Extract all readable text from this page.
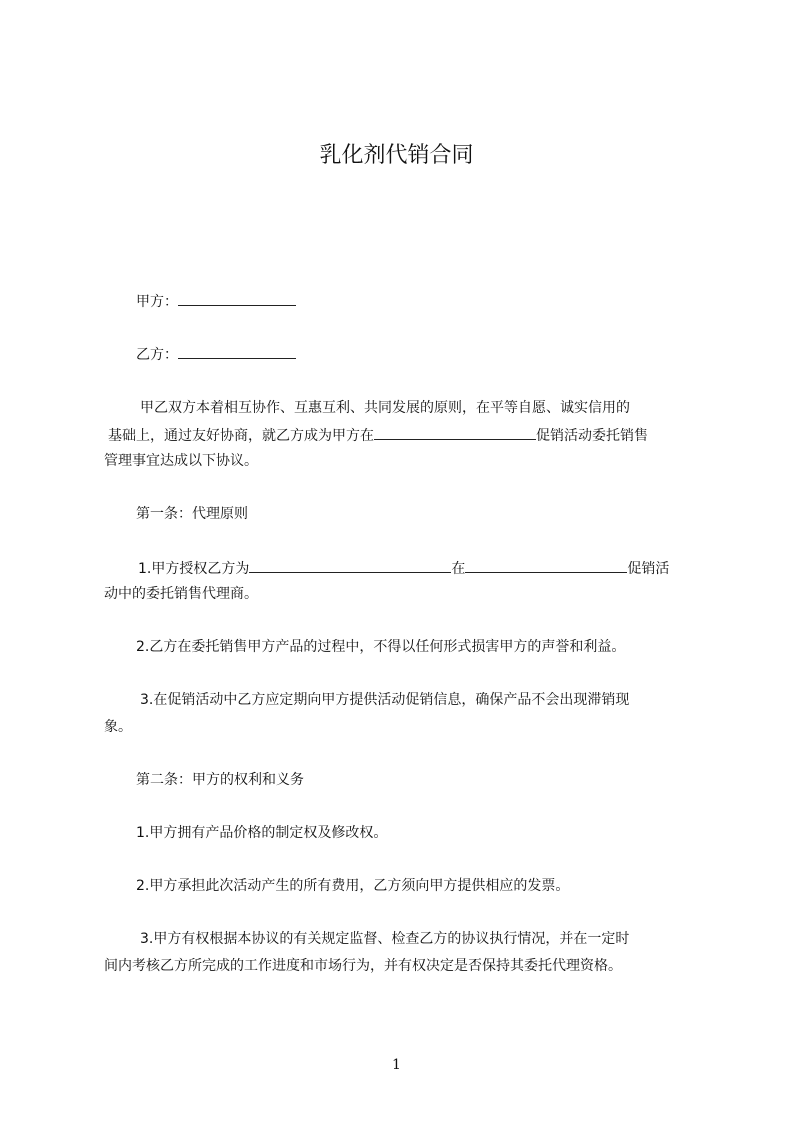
乳化剂代销合同
甲方：
乙方：
甲乙双方本着相互协作、互惠互利、共同发展的原则，在平等自愿、诚实信用的
基础上，通过友好协商，就乙方成为甲方在	促销活动委托销售
管理事宜达成以下协议。
第一条：代理原则
1.甲方授权乙方为	在	促销活
动中的委托销售代理商。
2.乙方在委托销售甲方产品的过程中，不得以任何形式损害甲方的声誉和利益。
3.在促销活动中乙方应定期向甲方提供活动促销信息，确保产品不会出现滞销现
象。
第二条：甲方的权利和义务
1.甲方拥有产品价格的制定权及修改权。
2.甲方承担此次活动产生的所有费用，乙方须向甲方提供相应的发票。
3.甲方有权根据本协议的有关规定监督、检查乙方的协议执行情况，并在一定时
间内考核乙方所完成的工作进度和市场行为，并有权决定是否保持其委托代理资格。
1
